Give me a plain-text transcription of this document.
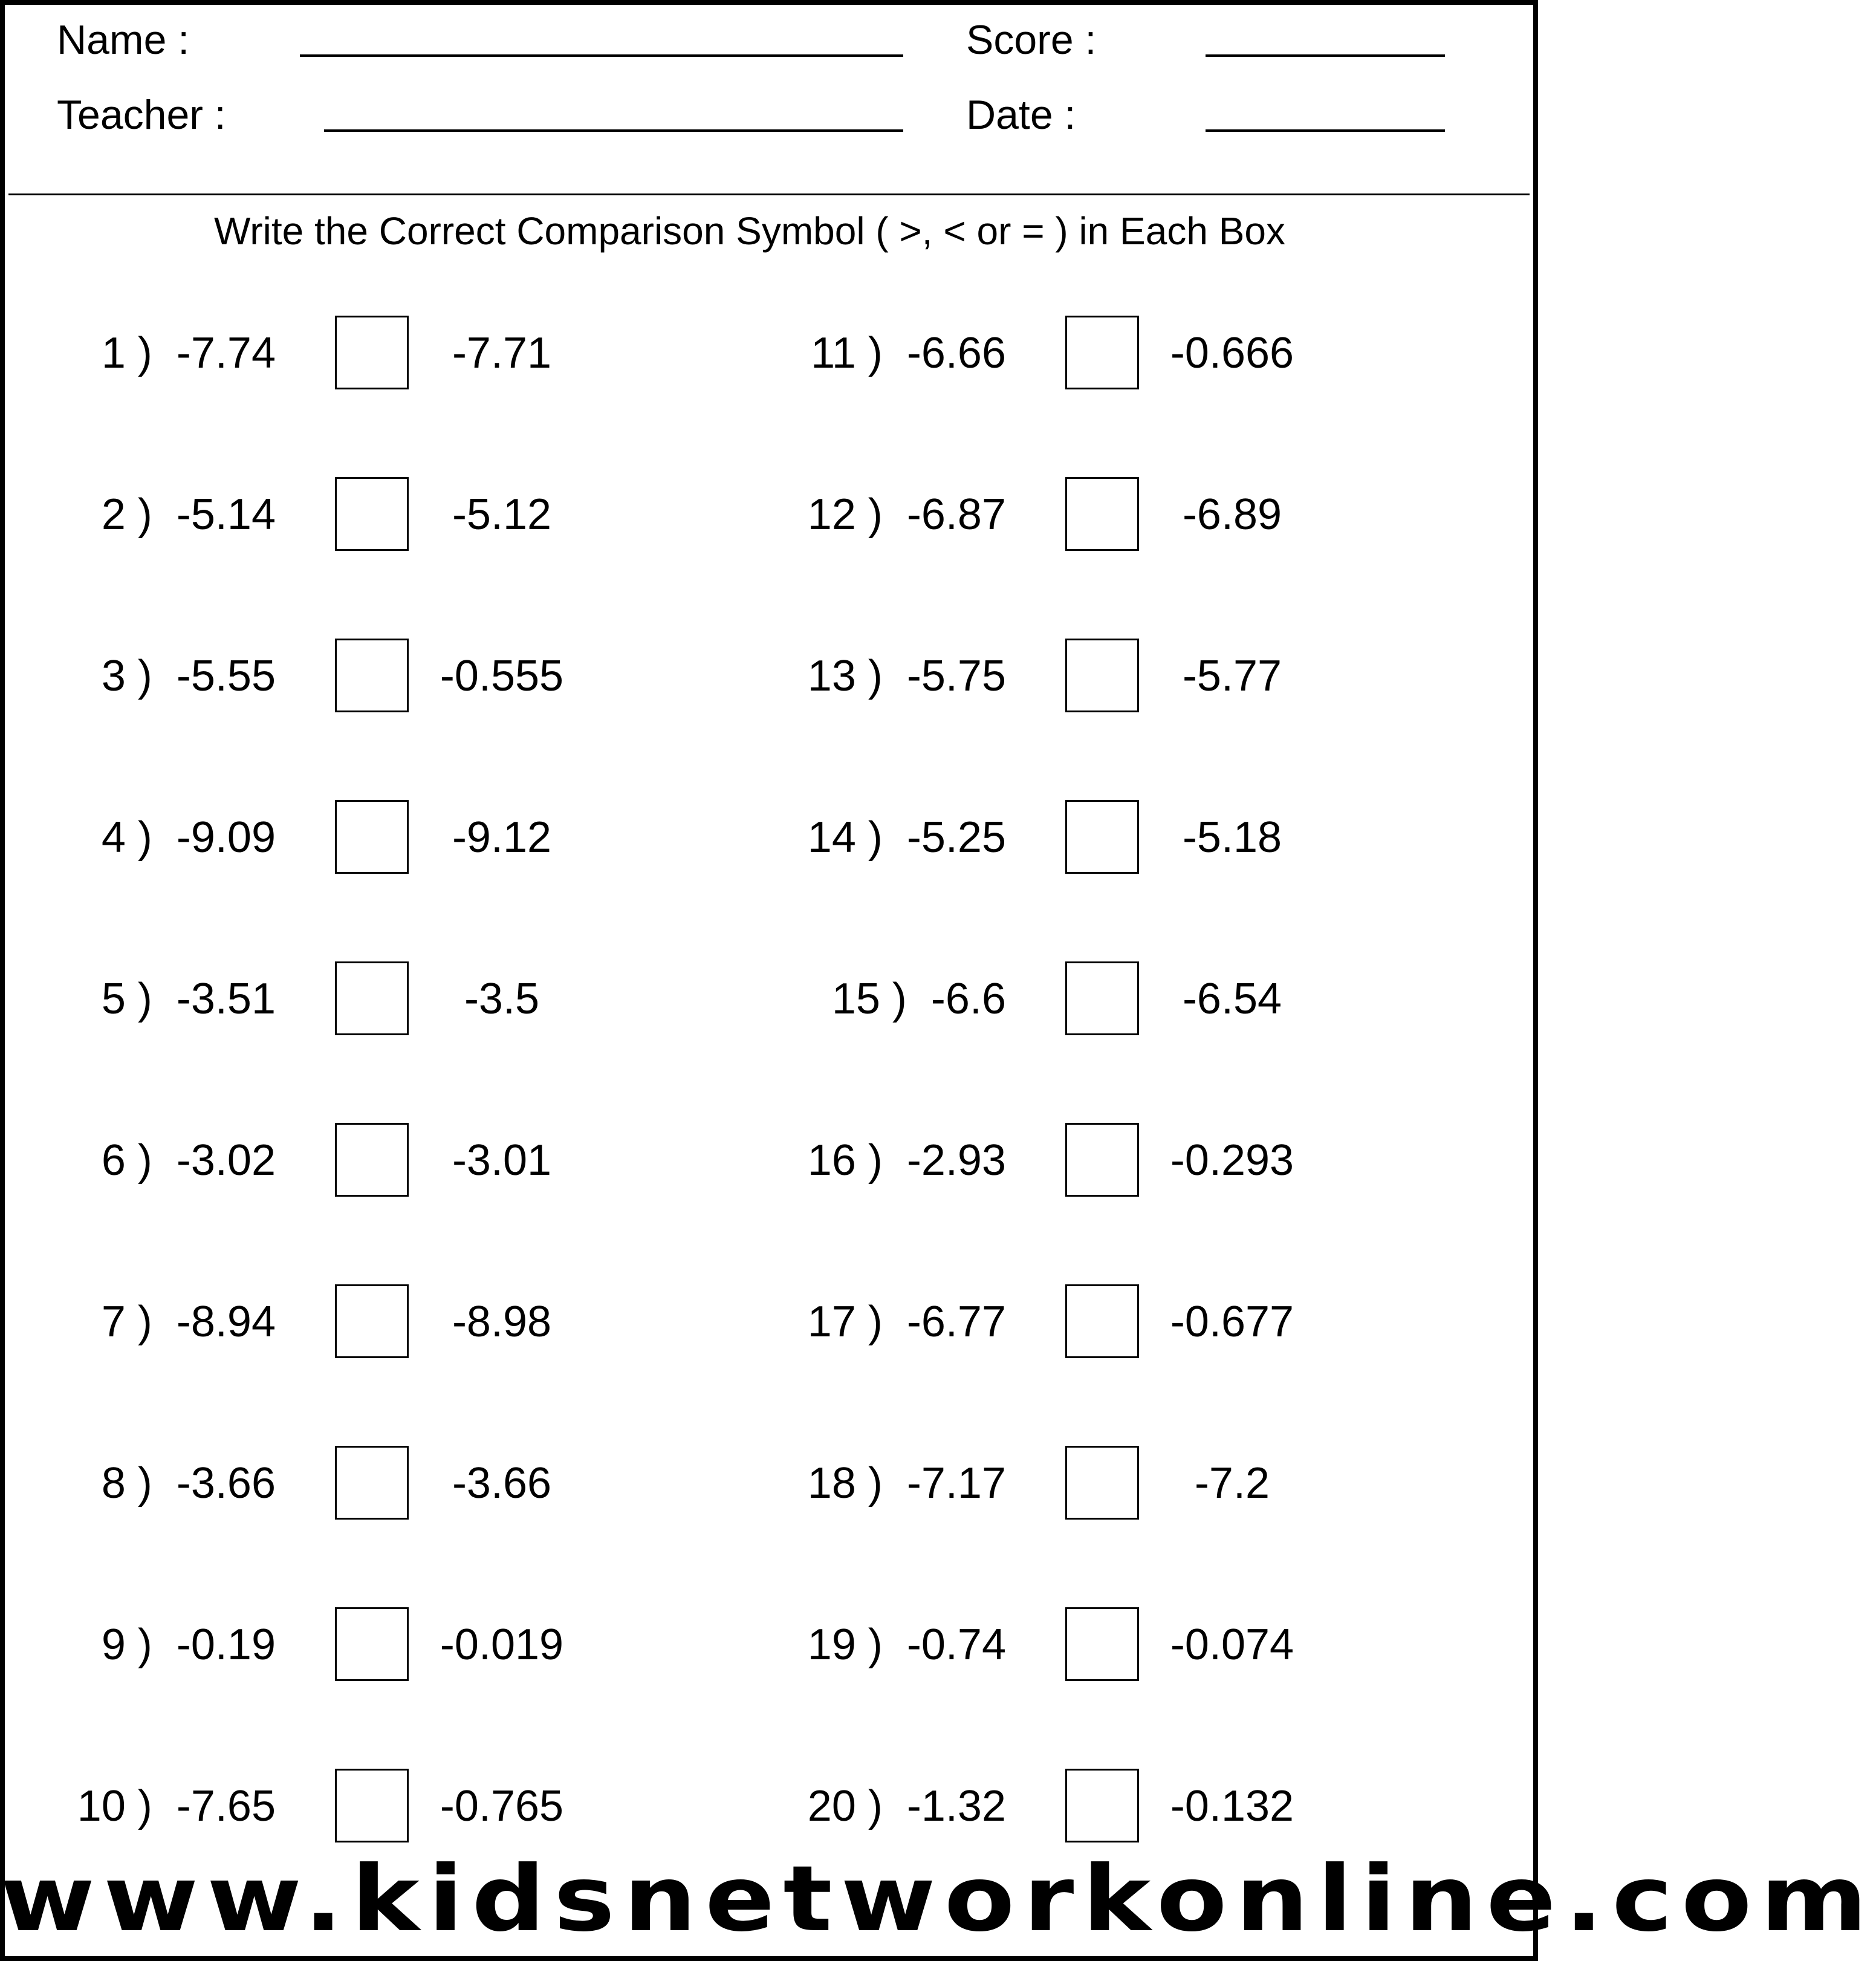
Name :
Teacher :
Score :
Date :
Write the Correct Comparison Symbol ( >, < or = ) in Each Box
1 ) -7.74	-7.71
2 ) -5.14	-5.12
3 ) -5.55	-0.555
4 ) -9.09	-9.12
5 ) -3.51	-3.5
6 ) -3.02	-3.01
7 ) -8.94	-8.98
8 ) -3.66	-3.66
9 ) -0.19	-0.019
10 ) -7.65	-0.765
11 ) -6.66	-0.666
12 ) -6.87	-6.89
13 ) -5.75	-5.77
14 ) -5.25	-5.18
15 ) -6.6	-6.54
16 ) -2.93	-0.293
17 ) -6.77	-0.677
18 ) -7.17	-7.2
19 ) -0.74	-0.074
20 ) -1.32	-0.132
www.kidsnetworkonline.com
